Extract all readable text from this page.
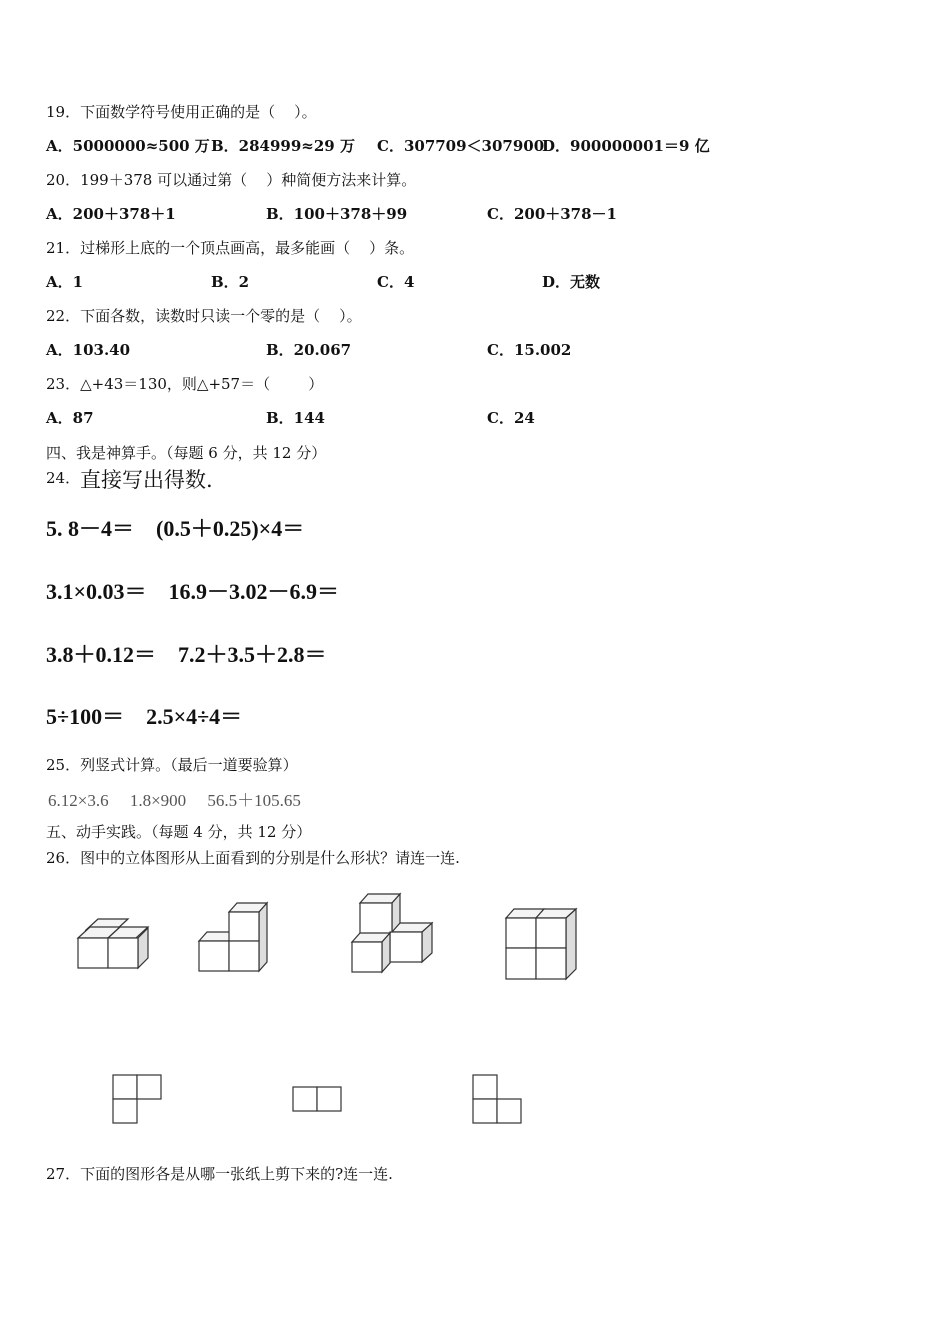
19．下面数学符号使用正确的是（    ）。
A．5000000≈500 万 B．284999≈29 万 C．307709＜307900
D．900000001＝9 亿
20．199＋378 可以通过第（    ）种简便方法来计算。
A．200＋378＋1	B．100＋378＋99	C．200＋378－1
21．过梯形上底的一个顶点画高，最多能画（    ）条。
A．1	B．2	C．4	D．无数
22．下面各数，读数时只读一个零的是（    ）。
A．103.40	B．20.067	C．15.002
23．△+43＝130，则△+57＝（        ）
A．87	B．144	C．24
四、我是神算手。（每题 6 分，共 12 分）
24． 直接写出得数.
5. 8－4＝    (0.5＋0.25)×4＝
3.1×0.03＝    16.9－3.02－6.9＝
3.8＋0.12＝    7.2＋3.5＋2.8＝
5÷100＝    2.5×4÷4＝
25．列竖式计算。（最后一道要验算）
6.12×3.6     1.8×900     56.5＋105.65
五、动手实践。（每题 4 分，共 12 分）
26．图中的立体图形从上面看到的分别是什么形状？请连一连.
27．下面的图形各是从哪一张纸上剪下来的?连一连.
